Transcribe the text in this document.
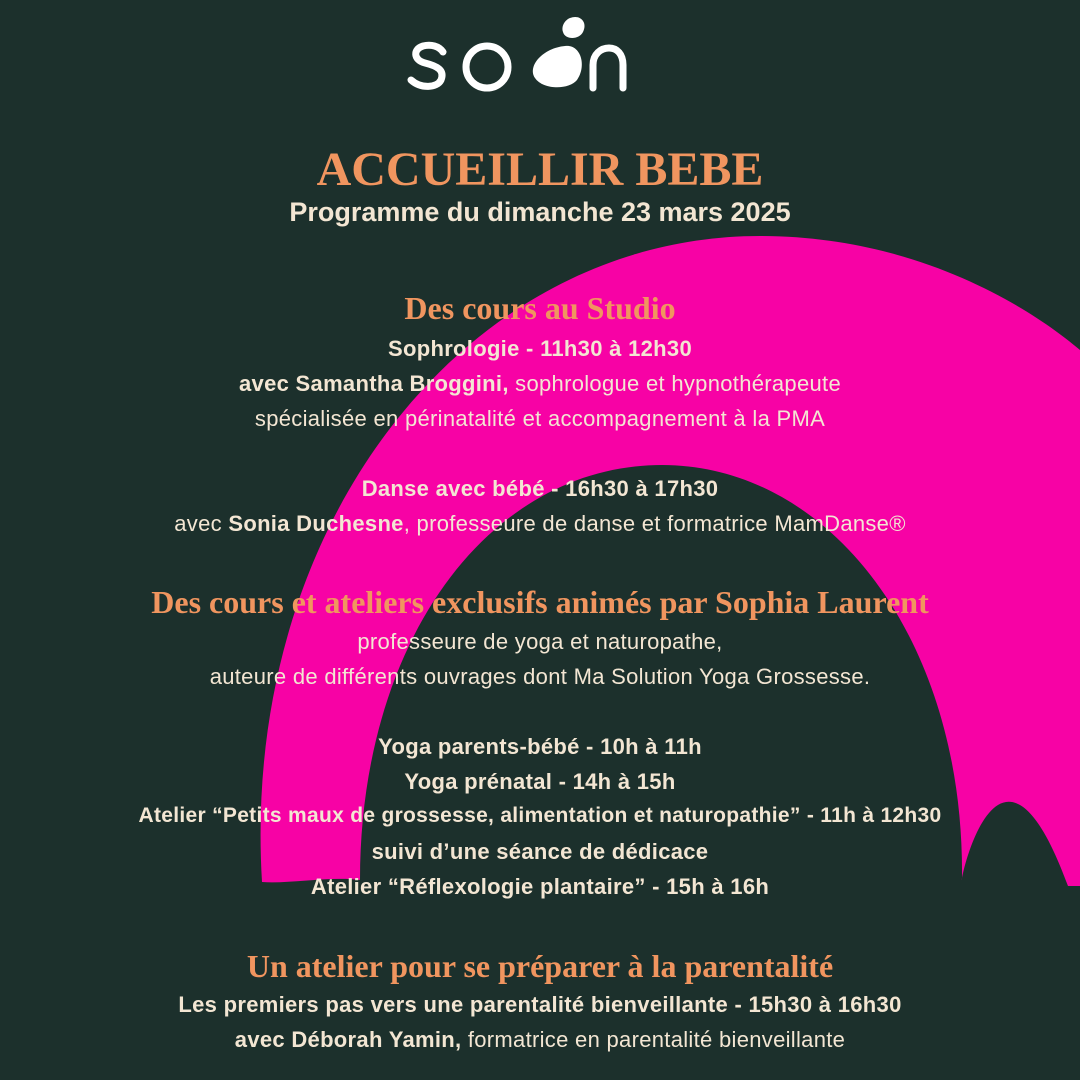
ACCUEILLIR BEBE
Programme du dimanche 23 mars 2025
Des cours au Studio
Sophrologie - 11h30 à 12h30
avec Samantha Broggini, sophrologue et hypnothérapeute
spécialisée en périnatalité et accompagnement à la PMA
Danse avec bébé - 16h30 à 17h30
avec Sonia Duchesne, professeure de danse et formatrice MamDanse®
Des cours et ateliers exclusifs animés par Sophia Laurent
professeure de yoga et naturopathe,
auteure de différents ouvrages dont Ma Solution Yoga Grossesse.
Yoga parents-bébé - 10h à 11h
Yoga prénatal - 14h à 15h
Atelier “Petits maux de grossesse, alimentation et naturopathie” - 11h à 12h30
suivi d’une séance de dédicace
Atelier “Réflexologie plantaire” - 15h à 16h
Un atelier pour se préparer à la parentalité
Les premiers pas vers une parentalité bienveillante - 15h30 à 16h30
avec Déborah Yamin, formatrice en parentalité bienveillante
